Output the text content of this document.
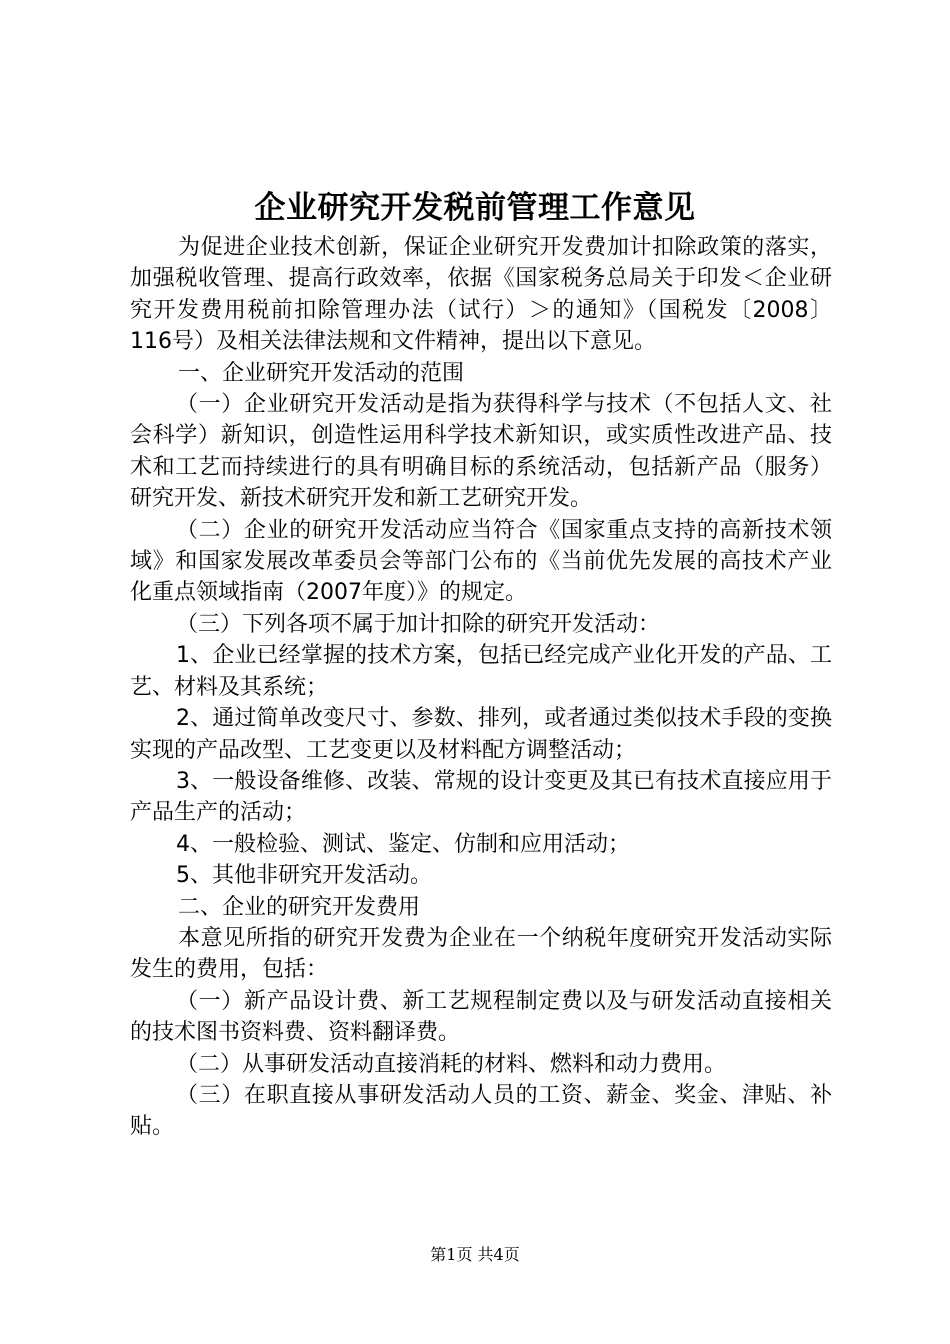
企业研究开发税前管理工作意见

为促进企业技术创新，保证企业研究开发费加计扣除政策的落实，加强税收管理、提高行政效率，依据《国家税务总局关于印发＜企业研究开发费用税前扣除管理办法（试行）＞的通知》（国税发〔2008〕116号）及相关法律法规和文件精神，提出以下意见。

一、企业研究开发活动的范围

（一）企业研究开发活动是指为获得科学与技术（不包括人文、社会科学）新知识，创造性运用科学技术新知识，或实质性改进产品、技术和工艺而持续进行的具有明确目标的系统活动，包括新产品（服务）研究开发、新技术研究开发和新工艺研究开发。

（二）企业的研究开发活动应当符合《国家重点支持的高新技术领域》和国家发展改革委员会等部门公布的《当前优先发展的高技术产业化重点领域指南（2007年度）》的规定。

（三）下列各项不属于加计扣除的研究开发活动：

1、企业已经掌握的技术方案，包括已经完成产业化开发的产品、工艺、材料及其系统；

2、通过简单改变尺寸、参数、排列，或者通过类似技术手段的变换实现的产品改型、工艺变更以及材料配方调整活动；

3、一般设备维修、改装、常规的设计变更及其已有技术直接应用于产品生产的活动；

4、一般检验、测试、鉴定、仿制和应用活动；

5、其他非研究开发活动。

二、企业的研究开发费用

本意见所指的研究开发费为企业在一个纳税年度研究开发活动实际发生的费用，包括：

（一）新产品设计费、新工艺规程制定费以及与研发活动直接相关的技术图书资料费、资料翻译费。

（二）从事研发活动直接消耗的材料、燃料和动力费用。

（三）在职直接从事研发活动人员的工资、薪金、奖金、津贴、补贴。

第1页 共4页
